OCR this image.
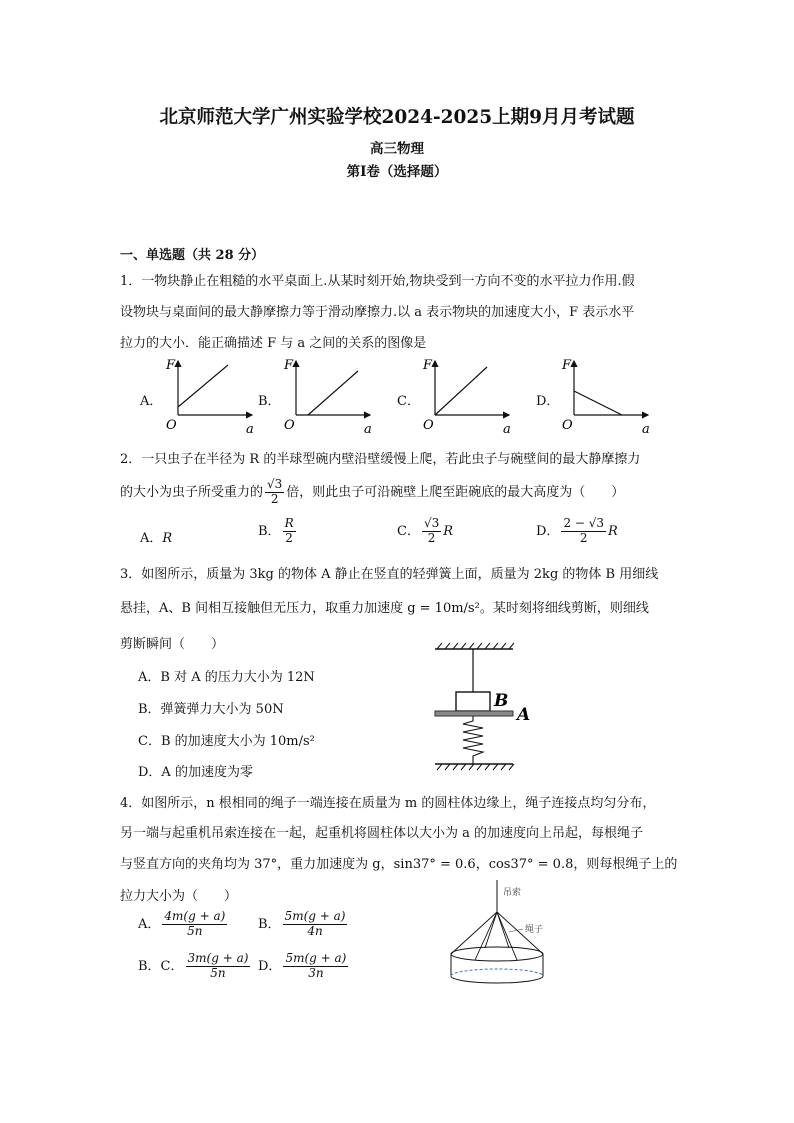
北京师范大学广州实验学校2024-2025上期9月月考试题
高三物理
第Ⅰ卷（选择题）
一、单选题（共 28 分）
1．一物块静止在粗糙的水平桌面上.从某时刻开始,物块受到一方向不变的水平拉力作用.假
设物块与桌面间的最大静摩擦力等于滑动摩擦力.以 a 表示物块的加速度大小，F 表示水平
拉力的大小．能正确描述 F 与 a 之间的关系的图像是
A．	B．	C．	D．
F
O	a
F
O	a
F
O	a
F
O	a
2．一只虫子在半径为 R 的半球型碗内壁沿壁缓慢上爬，若此虫子与碗壁间的最大静摩擦力
的大小为虫子所受重力的 $\frac{√3}{2}$ 倍，则此虫子可沿碗壁上爬至距碗底的最大高度为（　　）
A．R	B． $\frac{R}{2}$	C． $\frac{√3}{2}$ R	D． $\frac{2 - √3}{2}$ R
3．如图所示，质量为 3kg 的物体 A 静止在竖直的轻弹簧上面，质量为 2kg 的物体 B 用细线
悬挂，A、B 间相互接触但无压力，取重力加速度 g = 10m/s²。某时刻将细线剪断，则细线
剪断瞬间（　　）
A．B 对 A 的压力大小为 12N
B．弹簧弹力大小为 50N
C．B 的加速度大小为 10m/s²
D．A 的加速度为零
B
A
4．如图所示，n 根相同的绳子一端连接在质量为 m 的圆柱体边缘上，绳子连接点均匀分布，
另一端与起重机吊索连接在一起，起重机将圆柱体以大小为 a 的加速度向上吊起，每根绳子
与竖直方向的夹角均为 37°，重力加速度为 g，sin37° = 0.6，cos37° = 0.8，则每根绳子上的
拉力大小为（　　）
A． $\frac{4m(g + a)}{5n}$ B． $\frac{5m(g + a)}{4n}$
B．C． $\frac{3m(g + a)}{5n}$ D． $\frac{5m(g + a)}{3n}$
吊索
绳子
